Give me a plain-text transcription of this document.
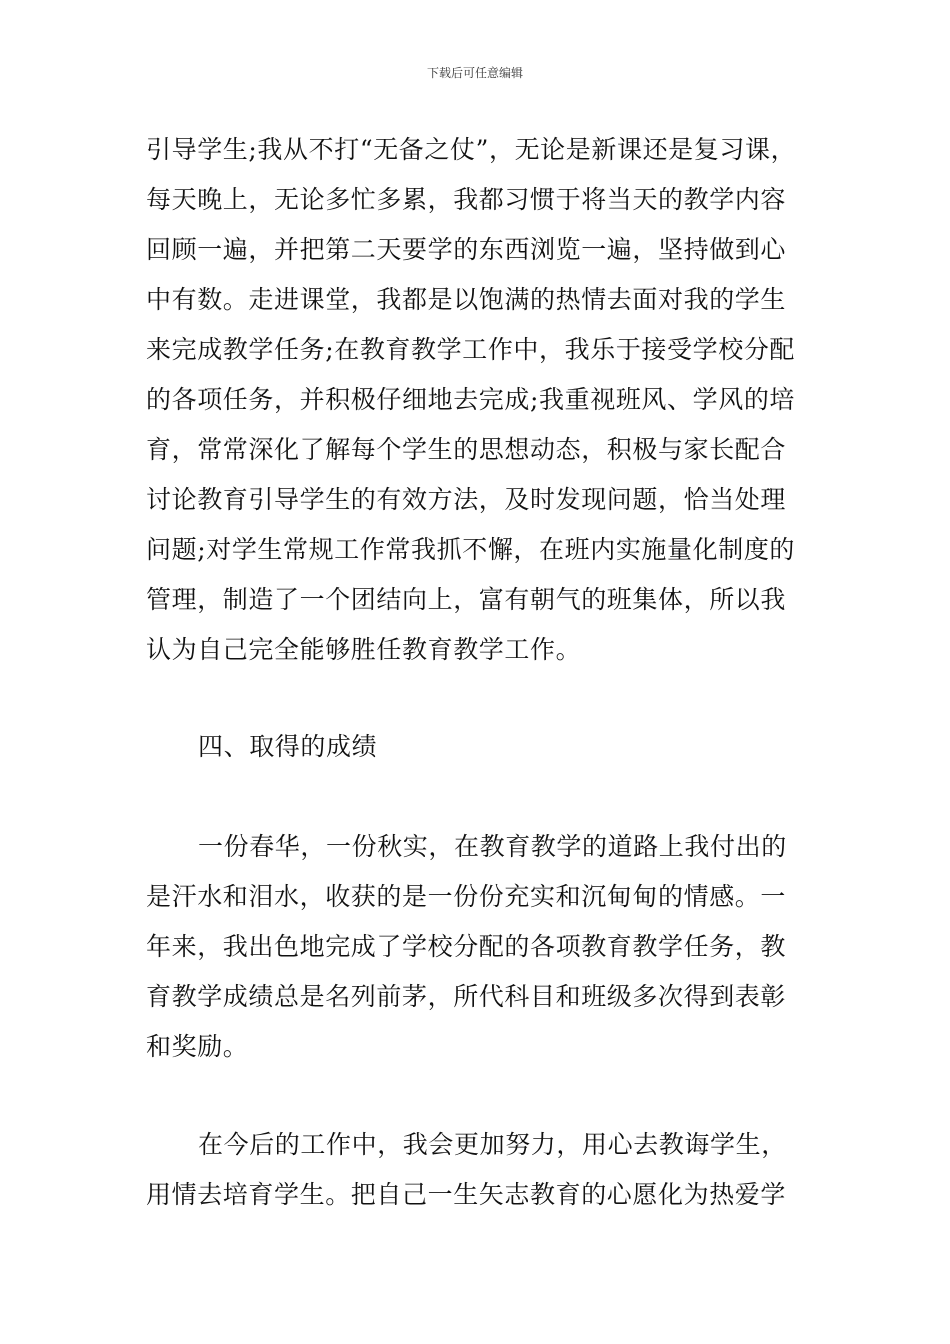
下载后可任意编辑
引导学生;我从不打“无备之仗”，无论是新课还是复习课，
每天晚上，无论多忙多累，我都习惯于将当天的教学内容
回顾一遍，并把第二天要学的东西浏览一遍，坚持做到心
中有数。走进课堂，我都是以饱满的热情去面对我的学生
来完成教学任务;在教育教学工作中，我乐于接受学校分配
的各项任务，并积极仔细地去完成;我重视班风、学风的培
育，常常深化了解每个学生的思想动态，积极与家长配合
讨论教育引导学生的有效方法，及时发现问题，恰当处理
问题;对学生常规工作常我抓不懈，在班内实施量化制度的
管理，制造了一个团结向上，富有朝气的班集体，所以我
认为自己完全能够胜任教育教学工作。
四、取得的成绩
一份春华，一份秋实，在教育教学的道路上我付出的
是汗水和泪水，收获的是一份份充实和沉甸甸的情感。一
年来，我出色地完成了学校分配的各项教育教学任务，教
育教学成绩总是名列前茅，所代科目和班级多次得到表彰
和奖励。
在今后的工作中，我会更加努力，用心去教诲学生，
用情去培育学生。把自己一生矢志教育的心愿化为热爱学
